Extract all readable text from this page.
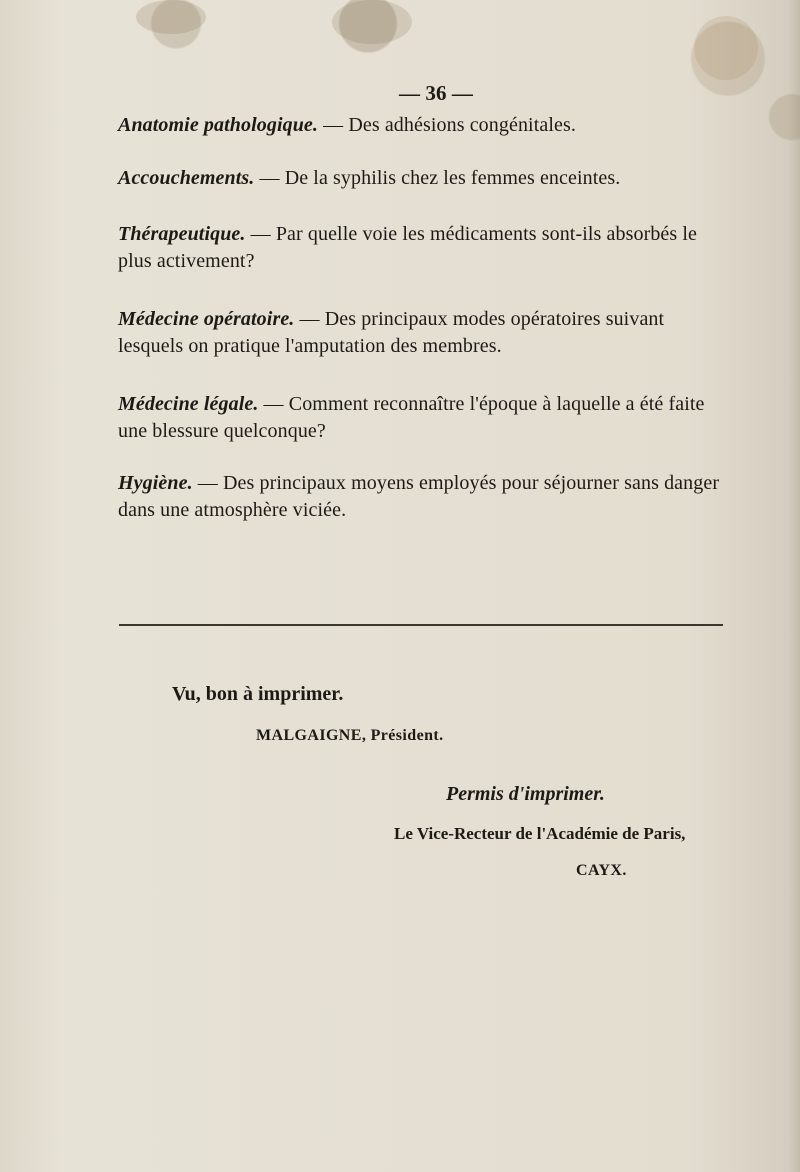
— 36 —
Anatomie pathologique. — Des adhésions congénitales.
Accouchements. — De la syphilis chez les femmes enceintes.
Thérapeutique. — Par quelle voie les médicaments sont-ils absorbés le plus activement?
Médecine opératoire. — Des principaux modes opératoires suivant lesquels on pratique l'amputation des membres.
Médecine légale. — Comment reconnaître l'époque à laquelle a été faite une blessure quelconque?
Hygiène. — Des principaux moyens employés pour séjourner sans danger dans une atmosphère viciée.
Vu, bon à imprimer.
MALGAIGNE, Président.
Permis d'imprimer.
Le Vice-Recteur de l'Académie de Paris,
CAYX.
